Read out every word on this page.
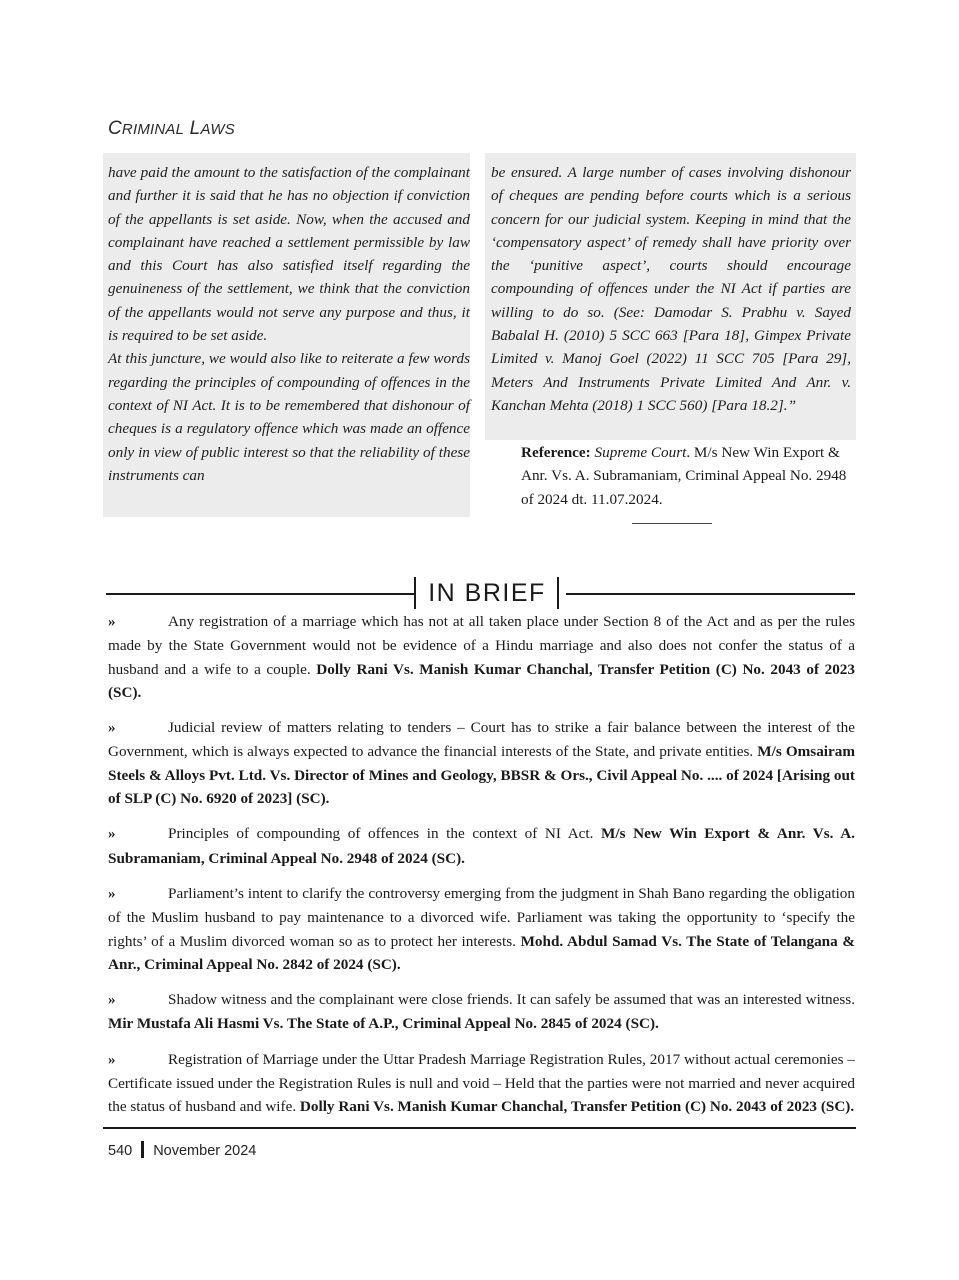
CRIMINAL LAWS

have paid the amount to the satisfaction of the complainant and further it is said that he has no objection if conviction of the appellants is set aside. Now, when the accused and complainant have reached a settlement permissible by law and this Court has also satisfied itself regarding the genuineness of the settlement, we think that the conviction of the appellants would not serve any purpose and thus, it is required to be set aside.

At this juncture, we would also like to reiterate a few words regarding the principles of compounding of offences in the context of NI Act. It is to be remembered that dishonour of cheques is a regulatory offence which was made an offence only in view of public interest so that the reliability of these instruments can

be ensured. A large number of cases involving dishonour of cheques are pending before courts which is a serious concern for our judicial system. Keeping in mind that the ‘compensatory aspect’ of remedy shall have priority over the ‘punitive aspect’, courts should encourage compounding of offences under the NI Act if parties are willing to do so. (See: Damodar S. Prabhu v. Sayed Babalal H. (2010) 5 SCC 663 [Para 18], Gimpex Private Limited v. Manoj Goel (2022) 11 SCC 705 [Para 29], Meters And Instruments Private Limited And Anr. v. Kanchan Mehta (2018) 1 SCC 560) [Para 18.2].”

Reference: Supreme Court. M/s New Win Export & Anr. Vs. A. Subramaniam, Criminal Appeal No. 2948 of 2024 dt. 11.07.2024.

IN BRIEF

»	Any registration of a marriage which has not at all taken place under Section 8 of the Act and as per the rules made by the State Government would not be evidence of a Hindu marriage and also does not confer the status of a husband and a wife to a couple. Dolly Rani Vs. Manish Kumar Chanchal, Transfer Petition (C) No. 2043 of 2023 (SC).

»	Judicial review of matters relating to tenders – Court has to strike a fair balance between the interest of the Government, which is always expected to advance the financial interests of the State, and private entities. M/s Omsairam Steels & Alloys Pvt. Ltd. Vs. Director of Mines and Geology, BBSR & Ors., Civil Appeal No. .... of 2024 [Arising out of SLP (C) No. 6920 of 2023] (SC).

»	Principles of compounding of offences in the context of NI Act. M/s New Win Export & Anr. Vs. A. Subramaniam, Criminal Appeal No. 2948 of 2024 (SC).

»	Parliament’s intent to clarify the controversy emerging from the judgment in Shah Bano regarding the obligation of the Muslim husband to pay maintenance to a divorced wife. Parliament was taking the opportunity to ‘specify the rights’ of a Muslim divorced woman so as to protect her interests. Mohd. Abdul Samad Vs. The State of Telangana & Anr., Criminal Appeal No. 2842 of 2024 (SC).

»	Shadow witness and the complainant were close friends. It can safely be assumed that was an interested witness. Mir Mustafa Ali Hasmi Vs. The State of A.P., Criminal Appeal No. 2845 of 2024 (SC).

»	Registration of Marriage under the Uttar Pradesh Marriage Registration Rules, 2017 without actual ceremonies – Certificate issued under the Registration Rules is null and void – Held that the parties were not married and never acquired the status of husband and wife. Dolly Rani Vs. Manish Kumar Chanchal, Transfer Petition (C) No. 2043 of 2023 (SC).

540 November 2024
